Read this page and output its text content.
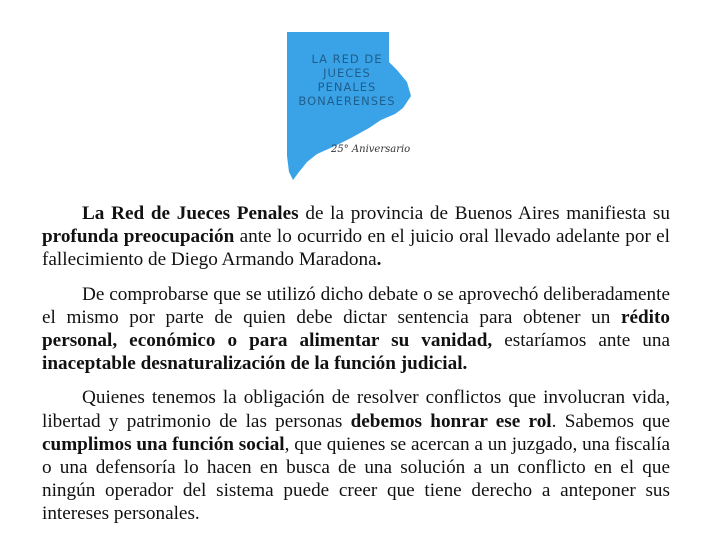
LA RED DE
JUECES
PENALES
BONAERENSES
25° Aniversario

La Red de Jueces Penales de la provincia de Buenos Aires manifiesta su profunda preocupación ante lo ocurrido en el juicio oral llevado adelante por el fallecimiento de Diego Armando Maradona.

De comprobarse que se utilizó dicho debate o se aprovechó deliberadamente el mismo por parte de quien debe dictar sentencia para obtener un rédito personal, económico o para alimentar su vanidad, estaríamos ante una inaceptable desnaturalización de la función judicial.

Quienes tenemos la obligación de resolver conflictos que involucran vida, libertad y patrimonio de las personas debemos honrar ese rol. Sabemos que cumplimos una función social, que quienes se acercan a un juzgado, una fiscalía o una defensoría lo hacen en busca de una solución a un conflicto en el que ningún operador del sistema puede creer que tiene derecho a anteponer sus intereses personales.
